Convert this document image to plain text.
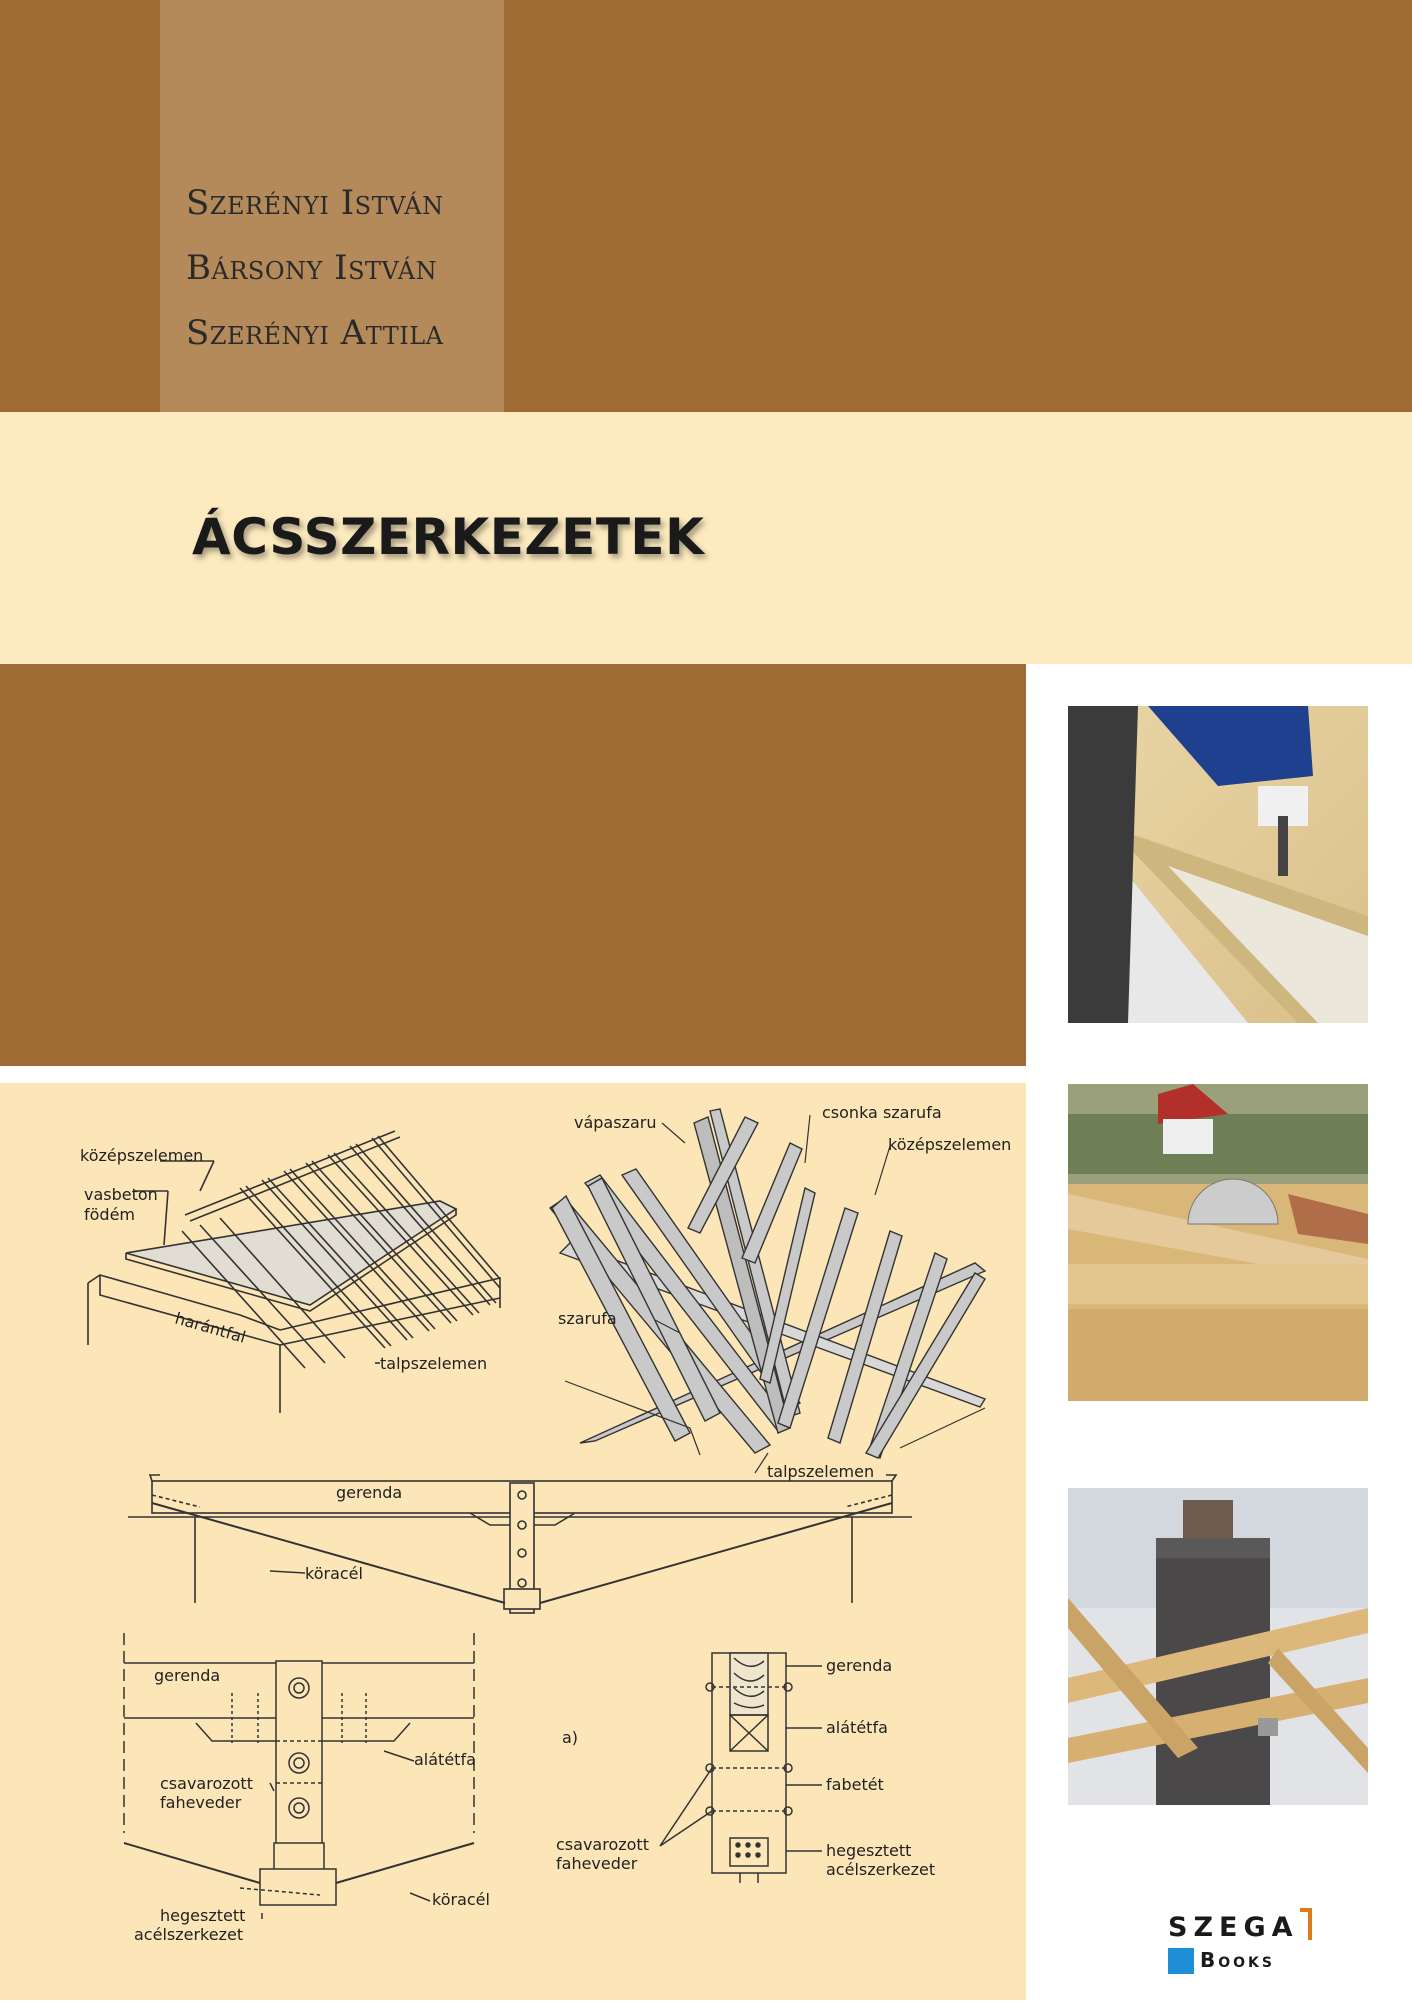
Szerényi István
Bársony István
Szerényi Attila
ÁCSSZERKEZETEK
középszelemen
vasbeton
födém
harántfal
talpszelemen
vápaszaru
csonka szarufa
középszelemen
szarufa
talpszelemen
gerenda
köracél
gerenda
alátétfa
csavarozott
faheveder
köracél
hegesztett
acélszerkezet
a)
gerenda
alátétfa
fabetét
csavarozott
faheveder
hegesztett
acélszerkezet
SZEGA
Books
